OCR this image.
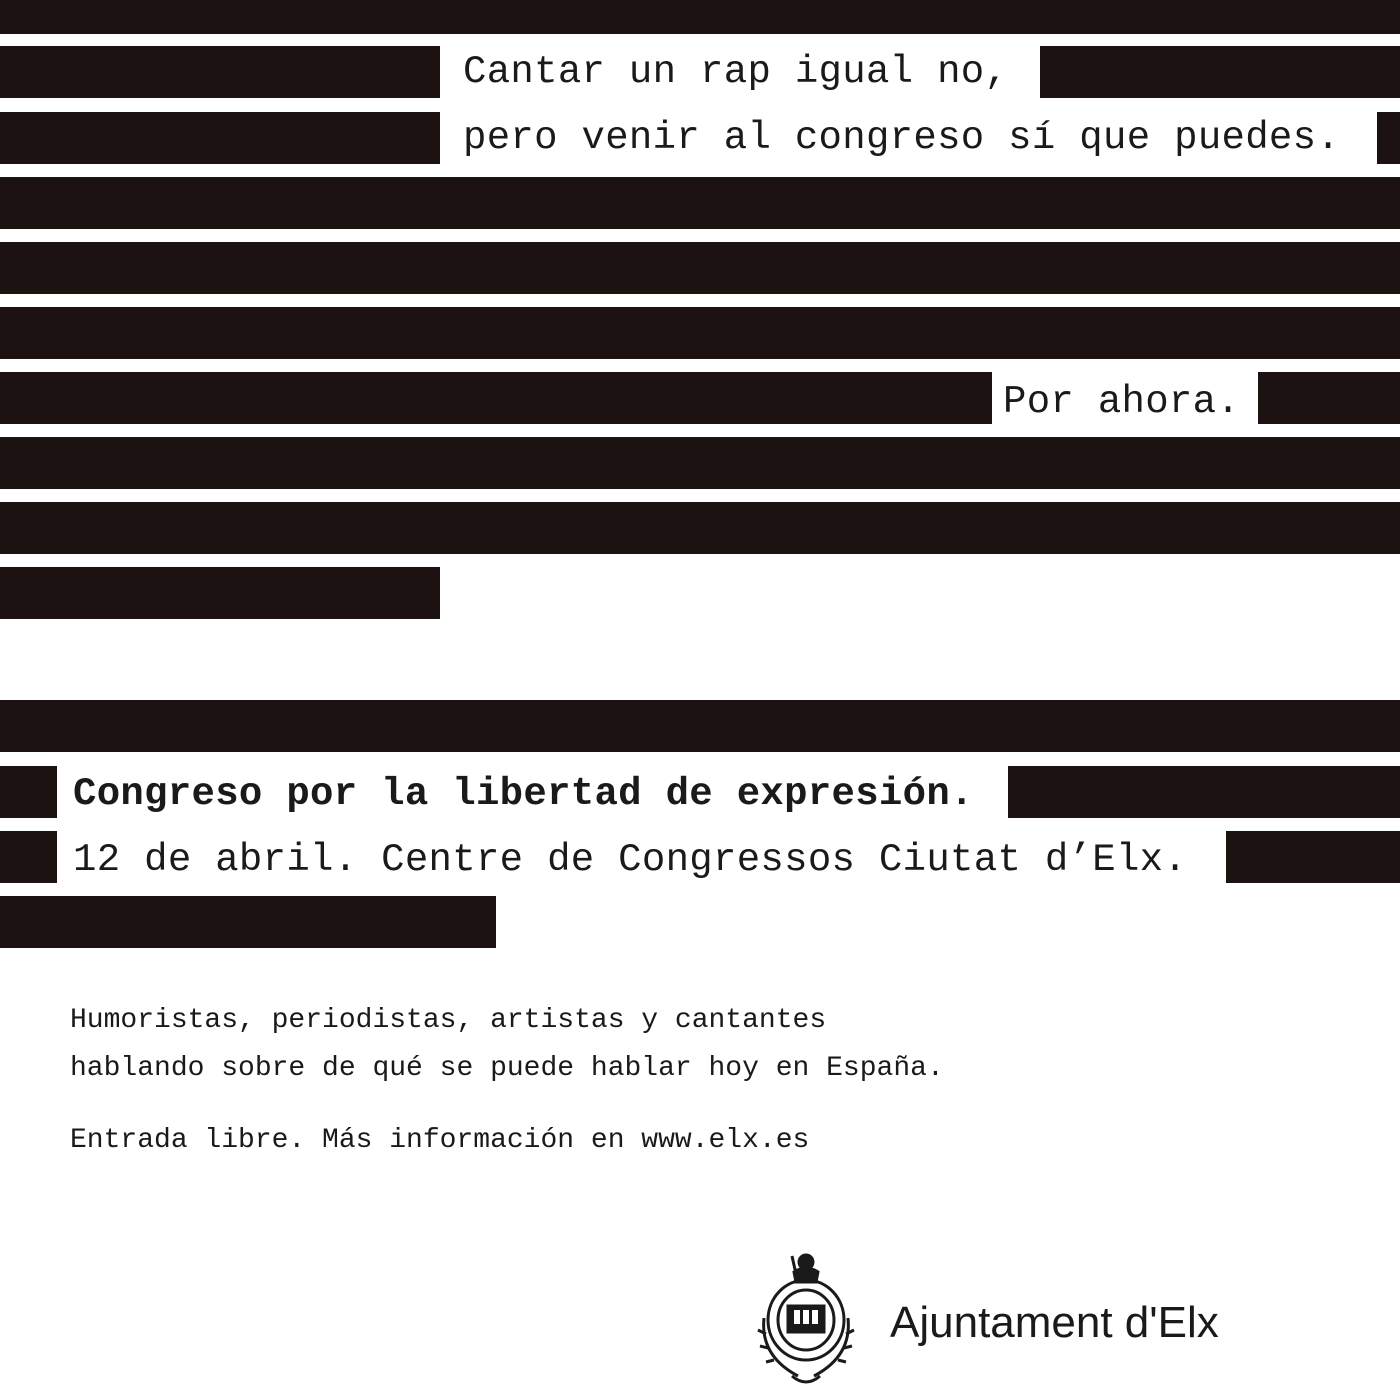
Cantar un rap igual no,
pero venir al congreso sí que puedes.
Por ahora.
Congreso por la libertad de expresión.
12 de abril. Centre de Congressos Ciutat d’Elx.
Humoristas, periodistas, artistas y cantantes
hablando sobre de qué se puede hablar hoy en España.
Entrada libre. Más información en www.elx.es
Ajuntament d'Elx
